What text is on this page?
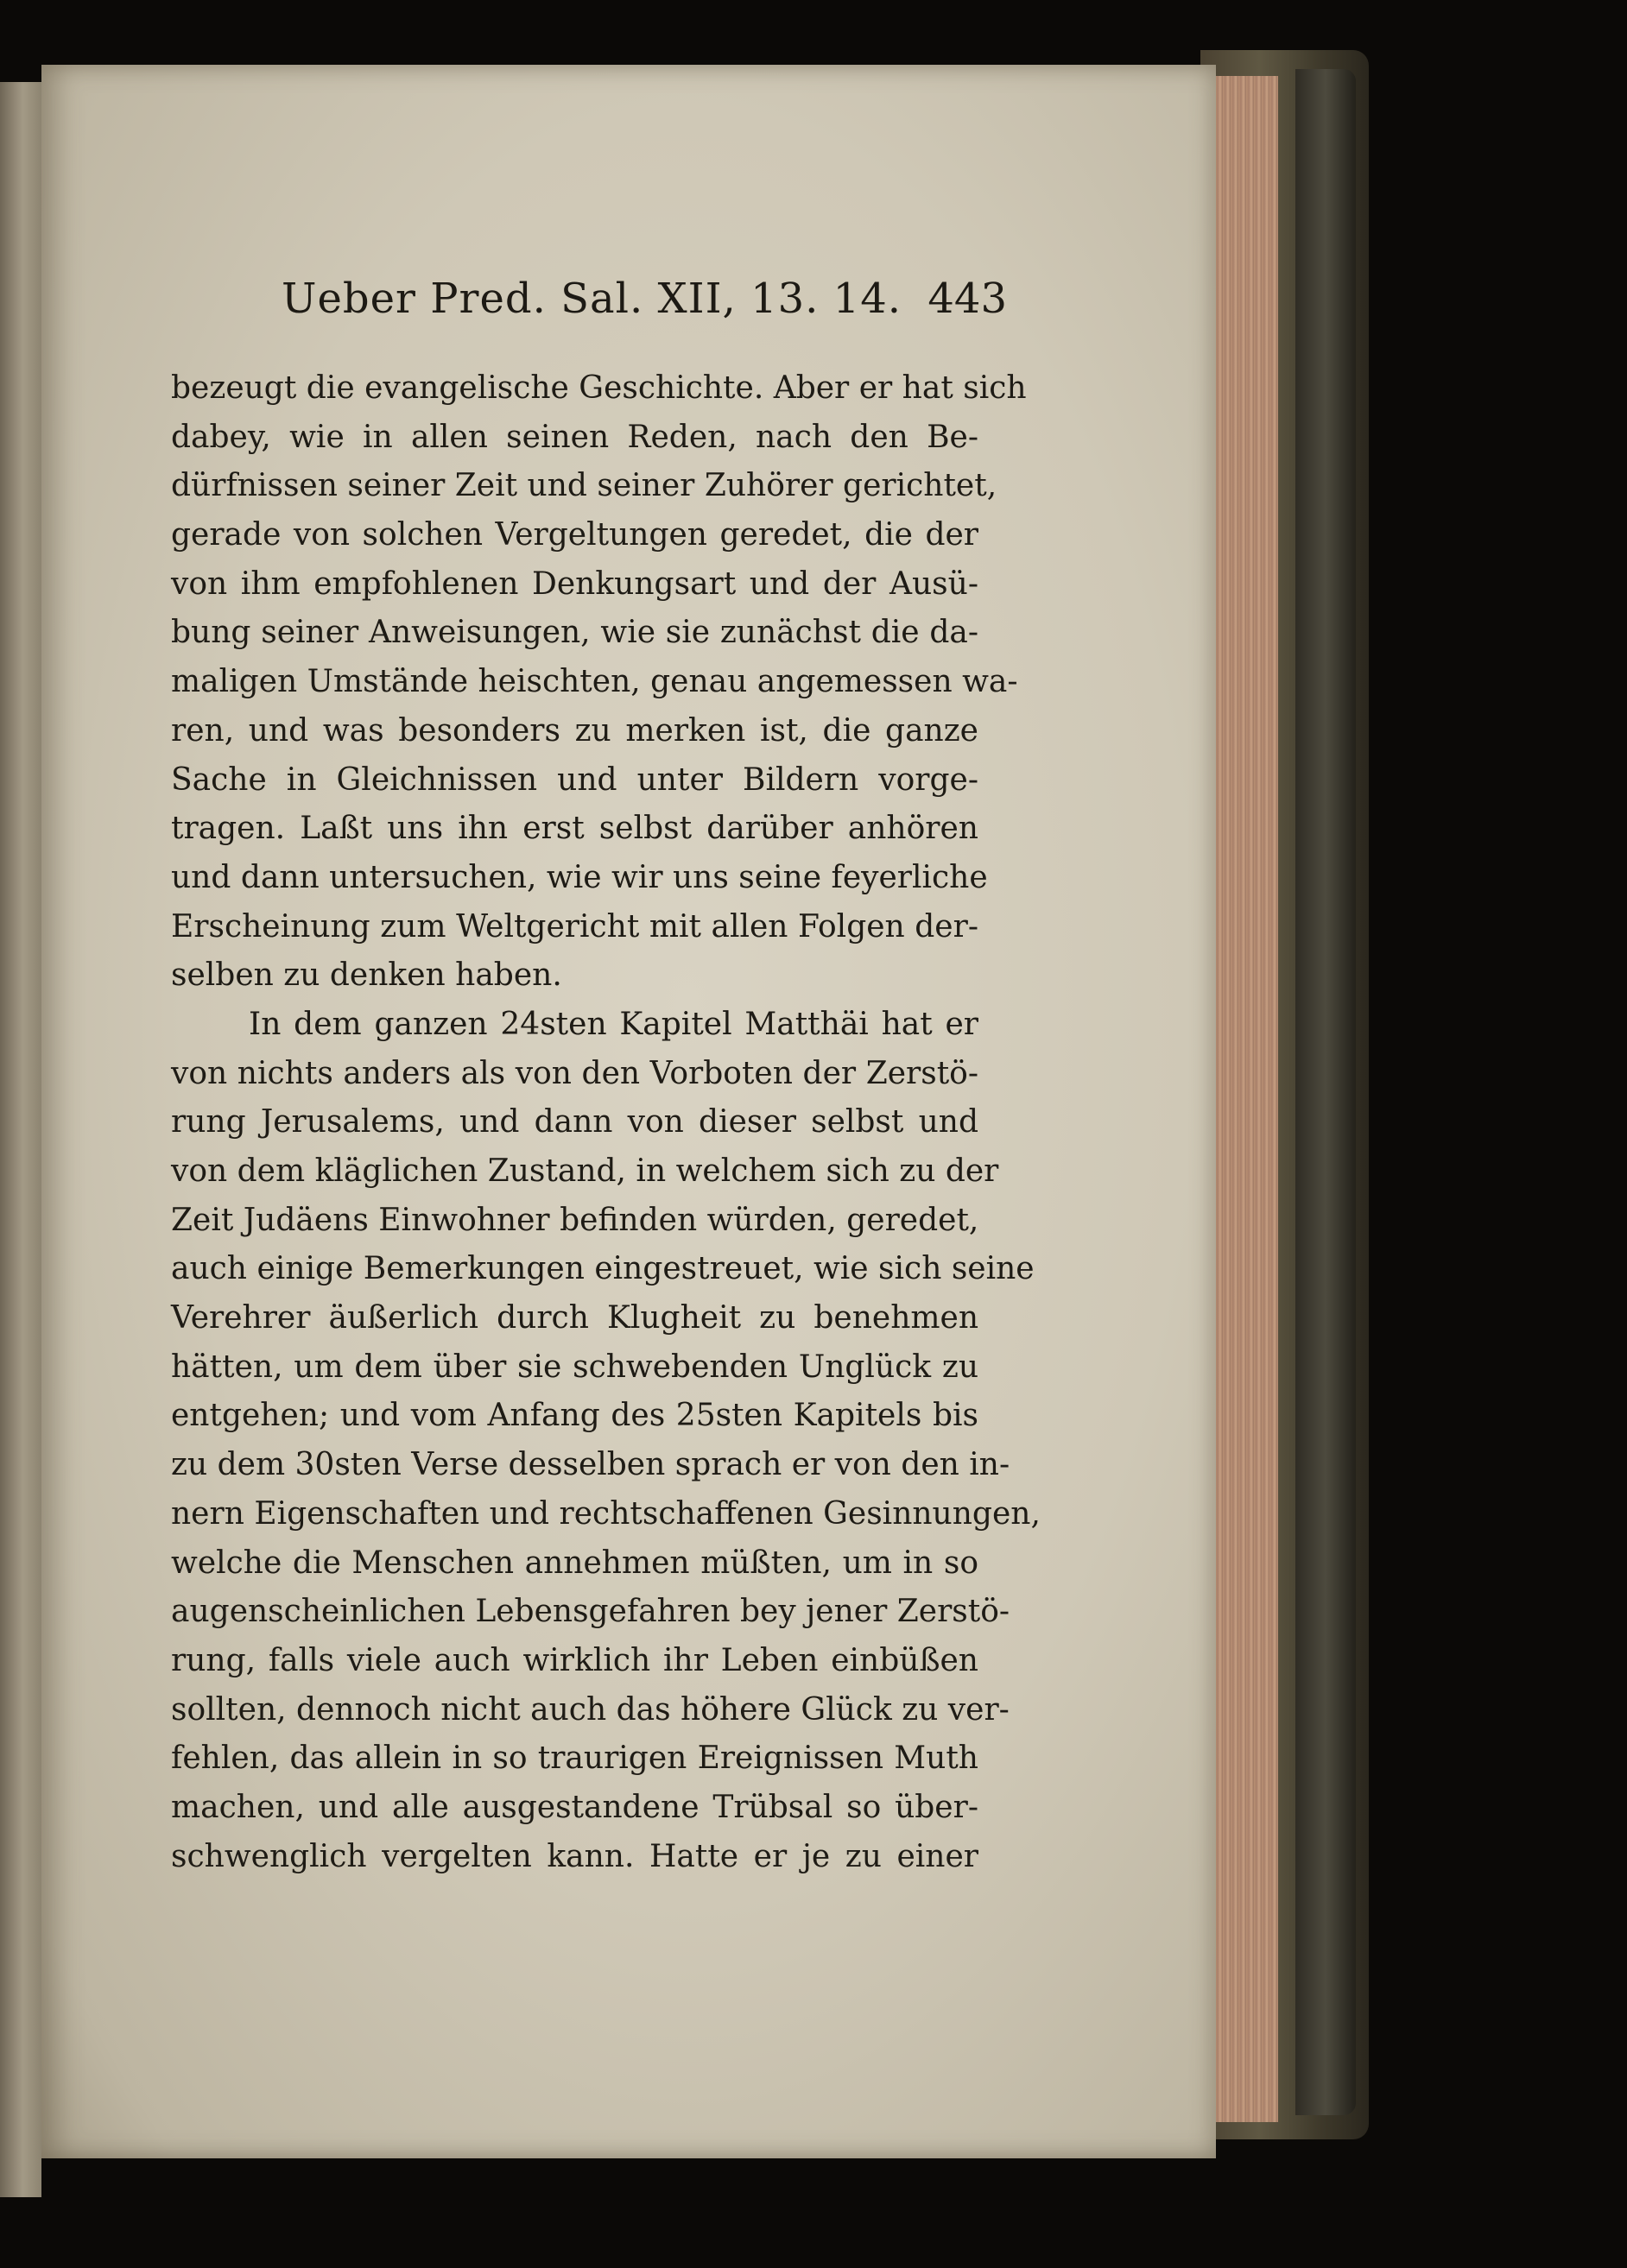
Ueber Pred. Sal. XII, 13. 14. 443
bezeugt die evangelische Geschichte. Aber er hat sich
dabey, wie in allen seinen Reden, nach den Be-
dürfnissen seiner Zeit und seiner Zuhörer gerichtet,
gerade von solchen Vergeltungen geredet, die der
von ihm empfohlenen Denkungsart und der Ausü-
bung seiner Anweisungen, wie sie zunächst die da-
maligen Umstände heischten, genau angemessen wa-
ren, und was besonders zu merken ist, die ganze
Sache in Gleichnissen und unter Bildern vorge-
tragen. Laßt uns ihn erst selbst darüber anhören
und dann untersuchen, wie wir uns seine feyerliche
Erscheinung zum Weltgericht mit allen Folgen der-
selben zu denken haben.
In dem ganzen 24sten Kapitel Matthäi hat er
von nichts anders als von den Vorboten der Zerstö-
rung Jerusalems, und dann von dieser selbst und
von dem kläglichen Zustand, in welchem sich zu der
Zeit Judäens Einwohner befinden würden, geredet,
auch einige Bemerkungen eingestreuet, wie sich seine
Verehrer äußerlich durch Klugheit zu benehmen
hätten, um dem über sie schwebenden Unglück zu
entgehen; und vom Anfang des 25sten Kapitels bis
zu dem 30sten Verse desselben sprach er von den in-
nern Eigenschaften und rechtschaffenen Gesinnungen,
welche die Menschen annehmen müßten, um in so
augenscheinlichen Lebensgefahren bey jener Zerstö-
rung, falls viele auch wirklich ihr Leben einbüßen
sollten, dennoch nicht auch das höhere Glück zu ver-
fehlen, das allein in so traurigen Ereignissen Muth
machen, und alle ausgestandene Trübsal so über-
schwenglich vergelten kann. Hatte er je zu einer
